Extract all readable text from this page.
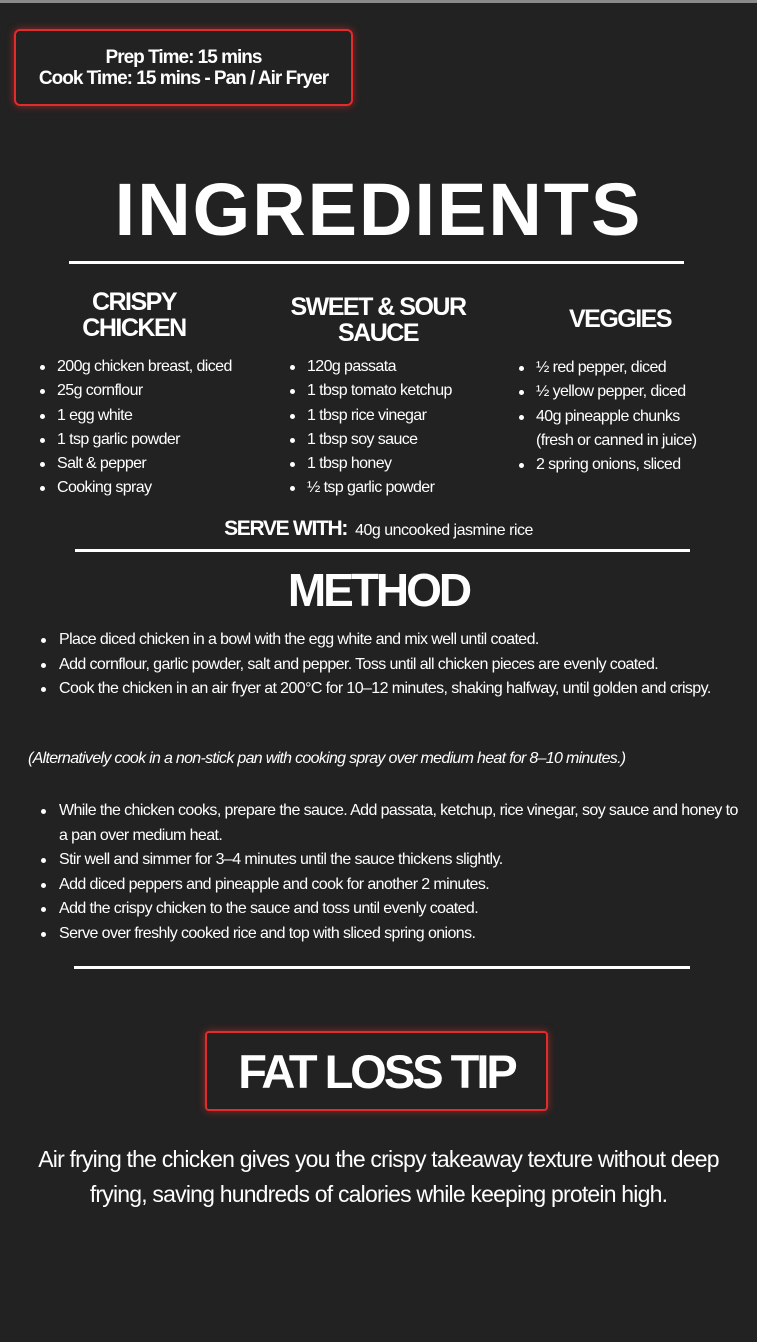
Prep Time: 15 mins
Cook Time: 15 mins - Pan / Air Fryer
INGREDIENTS
CRISPY
CHICKEN
200g chicken breast, diced
25g cornflour
1 egg white
1 tsp garlic powder
Salt & pepper
Cooking spray
SWEET & SOUR
SAUCE
120g passata
1 tbsp tomato ketchup
1 tbsp rice vinegar
1 tbsp soy sauce
1 tbsp honey
½ tsp garlic powder
VEGGIES
½ red pepper, diced
½ yellow pepper, diced
40g pineapple chunks
(fresh or canned in juice)
2 spring onions, sliced
SERVE WITH: 40g uncooked jasmine rice
METHOD
Place diced chicken in a bowl with the egg white and mix well until coated.
Add cornflour, garlic powder, salt and pepper. Toss until all chicken pieces are evenly coated.
Cook the chicken in an air fryer at 200°C for 10–12 minutes, shaking halfway, until golden and crispy.
(Alternatively cook in a non-stick pan with cooking spray over medium heat for 8–10 minutes.)
While the chicken cooks, prepare the sauce. Add passata, ketchup, rice vinegar, soy sauce and honey to a pan over medium heat.
Stir well and simmer for 3–4 minutes until the sauce thickens slightly.
Add diced peppers and pineapple and cook for another 2 minutes.
Add the crispy chicken to the sauce and toss until evenly coated.
Serve over freshly cooked rice and top with sliced spring onions.
FAT LOSS TIP
Air frying the chicken gives you the crispy takeaway texture without deep frying, saving hundreds of calories while keeping protein high.
